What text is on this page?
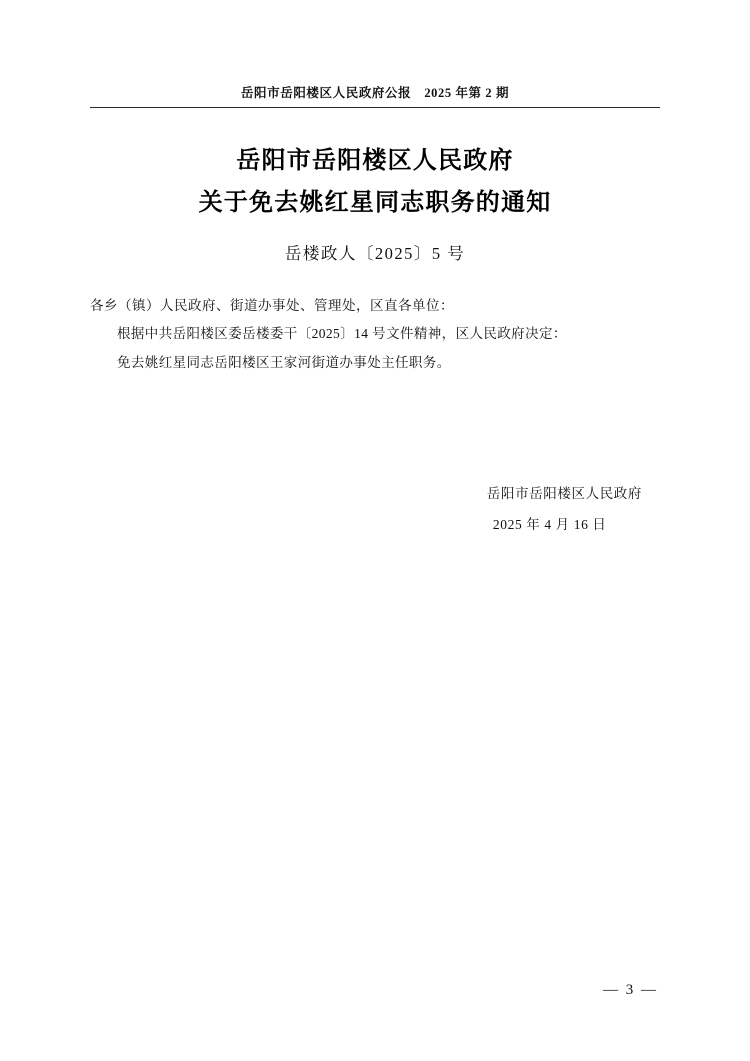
岳阳市岳阳楼区人民政府公报　2025 年第 2 期
岳阳市岳阳楼区人民政府
关于免去姚红星同志职务的通知
岳楼政人〔2025〕5 号
各乡（镇）人民政府、街道办事处、管理处，区直各单位：
根据中共岳阳楼区委岳楼委干〔2025〕14 号文件精神，区人民政府决定：
免去姚红星同志岳阳楼区王家河街道办事处主任职务。
岳阳市岳阳楼区人民政府
2025 年 4 月 16 日
— 3 —
